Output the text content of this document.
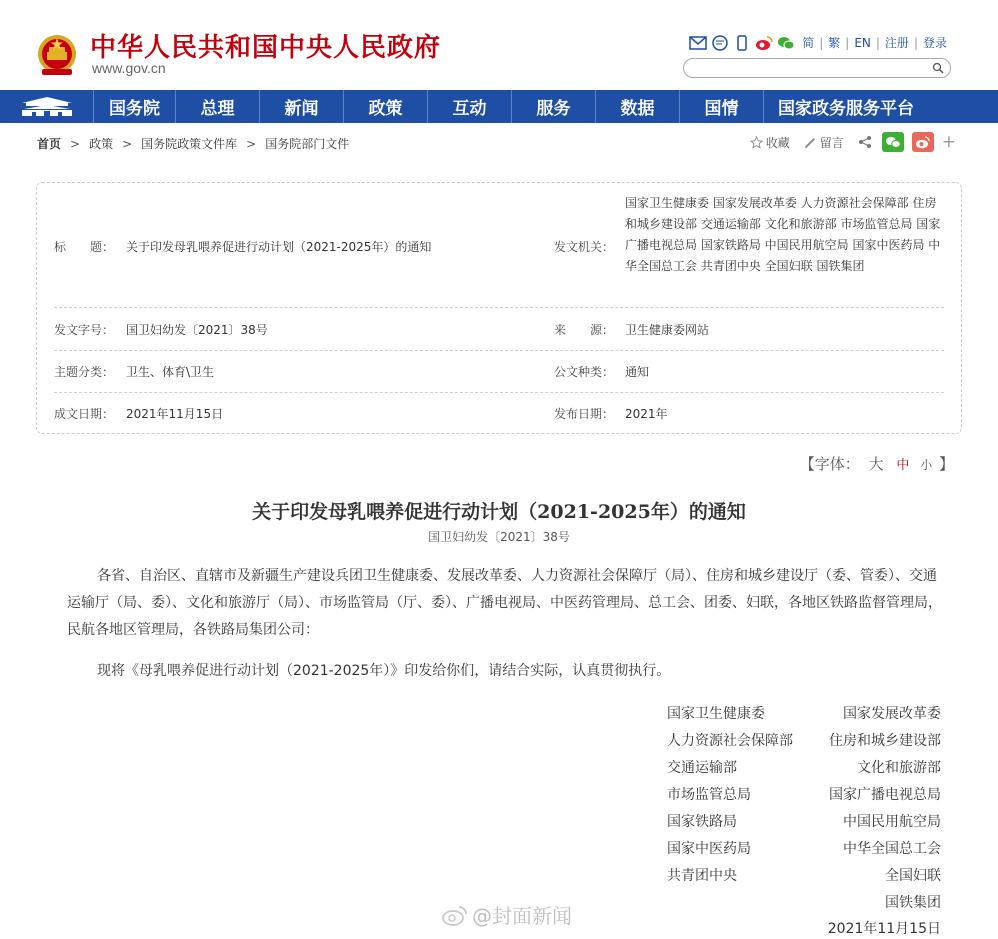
中华人民共和国中央人民政府
www.gov.cn
简 | 繁 | EN | 注册 | 登录
国务院	总理	新闻	政策	互动	服务	数据	国情	国家政务服务平台
首页 > 政策 > 国务院政策文件库 > 国务院部门文件	收藏	留言	+
标　　题： 关于印发母乳喂养促进行动计划（2021-2025年）的通知	发文机关：
国家卫生健康委 国家发展改革委 人力资源社会保障部 住房和城乡建设部 交通运输部 文化和旅游部 市场监管总局 国家广播电视总局 国家铁路局 中国民用航空局 国家中医药局 中华全国总工会 共青团中央 全国妇联 国铁集团
发文字号： 国卫妇幼发〔2021〕38号	来　　源： 卫生健康委网站
主题分类： 卫生、体育\卫生	公文种类： 通知
成文日期： 2021年11月15日	发布日期： 2021年
【字体： 大 中 小 】
关于印发母乳喂养促进行动计划（2021-2025年）的通知
国卫妇幼发〔2021〕38号
各省、自治区、直辖市及新疆生产建设兵团卫生健康委、发展改革委、人力资源社会保障厅（局）、住房和城乡建设厅（委、管委）、交通运输厅（局、委）、文化和旅游厅（局）、市场监管局（厅、委）、广播电视局、中医药管理局、总工会、团委、妇联，各地区铁路监督管理局，民航各地区管理局，各铁路局集团公司：
现将《母乳喂养促进行动计划（2021-2025年）》印发给你们，请结合实际，认真贯彻执行。
国家卫生健康委	国家发展改革委
人力资源社会保障部	住房和城乡建设部
交通运输部	文化和旅游部
市场监管总局	国家广播电视总局
国家铁路局	中国民用航空局
国家中医药局	中华全国总工会
共青团中央	全国妇联
国铁集团
2021年11月15日
@封面新闻
